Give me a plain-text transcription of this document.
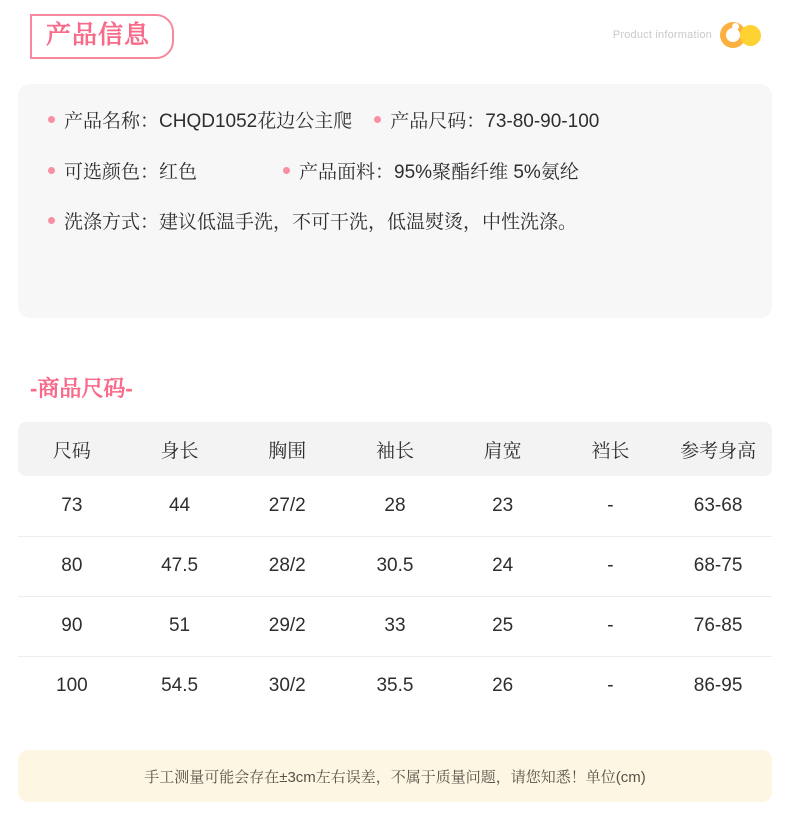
产品信息	Product information
产品名称： CHQD1052花边公主爬 产品尺码： 73-80-90-100
可选颜色： 红色	产品面料： 95%聚酯纤维 5%氨纶
洗涤方式： 建议低温手洗，不可干洗，低温熨烫，中性洗涤。
-商品尺码-
尺码	身长	胸围	袖长	肩宽	裆长	参考身高
73	44	27/2	28	23	-	63-68
80	47.5	28/2	30.5	24	-	68-75
90	51	29/2	33	25	-	76-85
100	54.5	30/2	35.5	26	-	86-95
手工测量可能会存在±3cm左右误差，不属于质量问题，请您知悉！单位(cm)
